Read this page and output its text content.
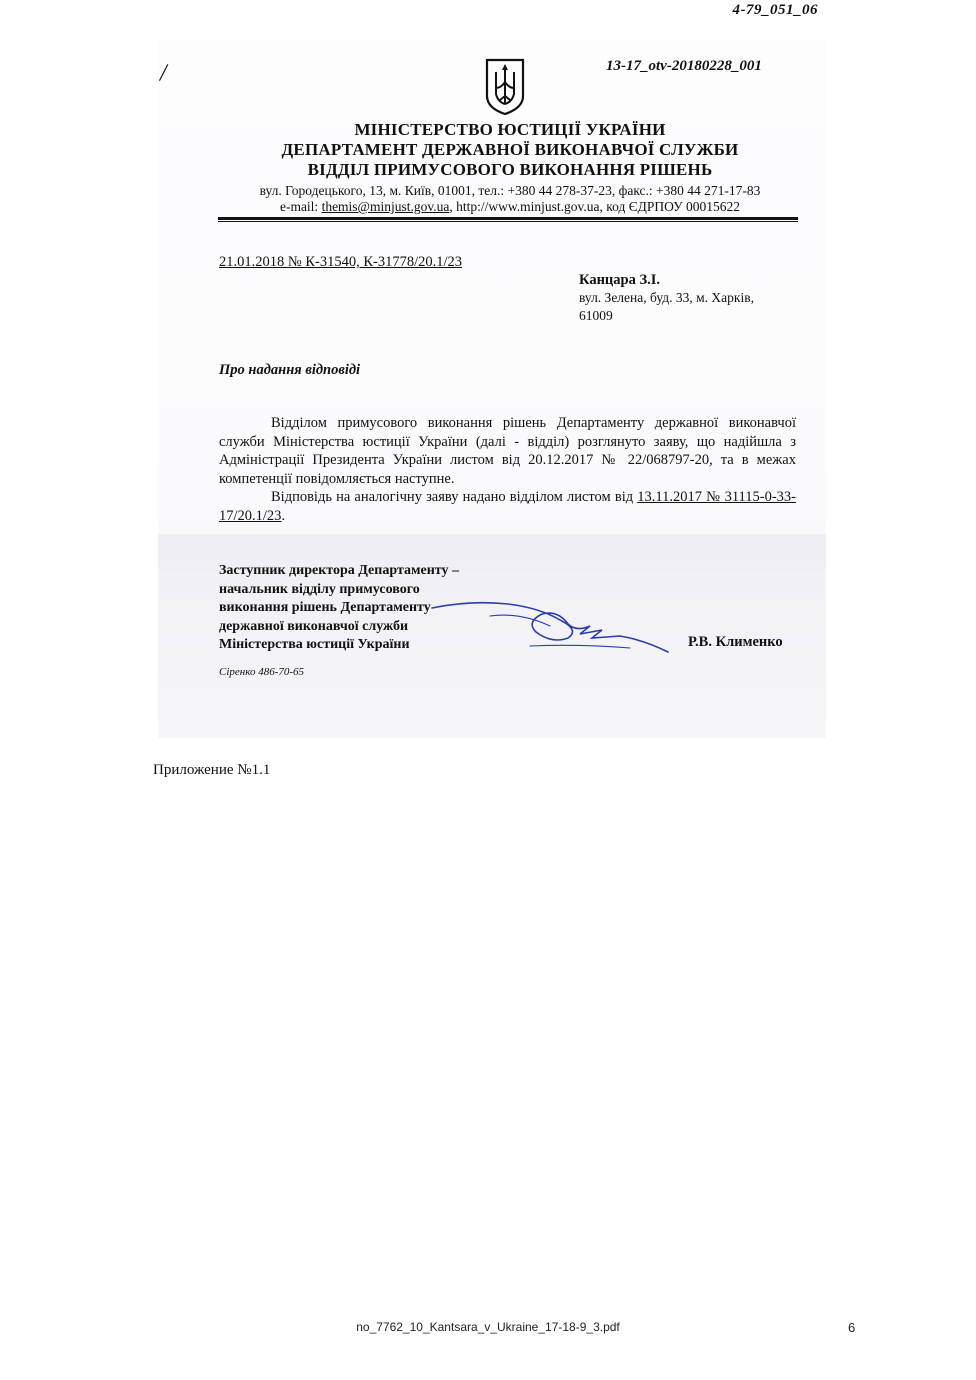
4-79_051_06
/	13-17_otv-20180228_001
МІНІСТЕРСТВО ЮСТИЦІЇ УКРАЇНИ
ДЕПАРТАМЕНТ ДЕРЖАВНОЇ ВИКОНАВЧОЇ СЛУЖБИ
ВІДДІЛ ПРИМУСОВОГО ВИКОНАННЯ РІШЕНЬ
вул. Городецького, 13, м. Київ, 01001, тел.: +380 44 278-37-23, факс.: +380 44 271-17-83
e-mail: themis@minjust.gov.ua, http://www.minjust.gov.ua, код ЄДРПОУ 00015622
21.01.2018 № К-31540, К-31778/20.1/23
Канцара З.І.
вул. Зелена, буд. 33, м. Харків,
61009
Про надання відповіді

Відділом примусового виконання рішень Департаменту державної виконавчої служби Міністерства юстиції України (далі - відділ) розглянуто заяву, що надійшла з Адміністрації Президента України листом від 20.12.2017 № 22/068797-20, та в межах компетенції повідомляється наступне.

Відповідь на аналогічну заяву надано відділом листом від 13.11.2017 № 31115-0-33-17/20.1/23.

Заступник директора Департаменту –
начальник відділу примусового
виконання рішень Департаменту
державної виконавчої служби
Міністерства юстиції України	Р.В. Клименко
Сіренко 486-70-65
Приложение №1.1
no_7762_10_Kantsara_v_Ukraine_17-18-9_3.pdf	6
